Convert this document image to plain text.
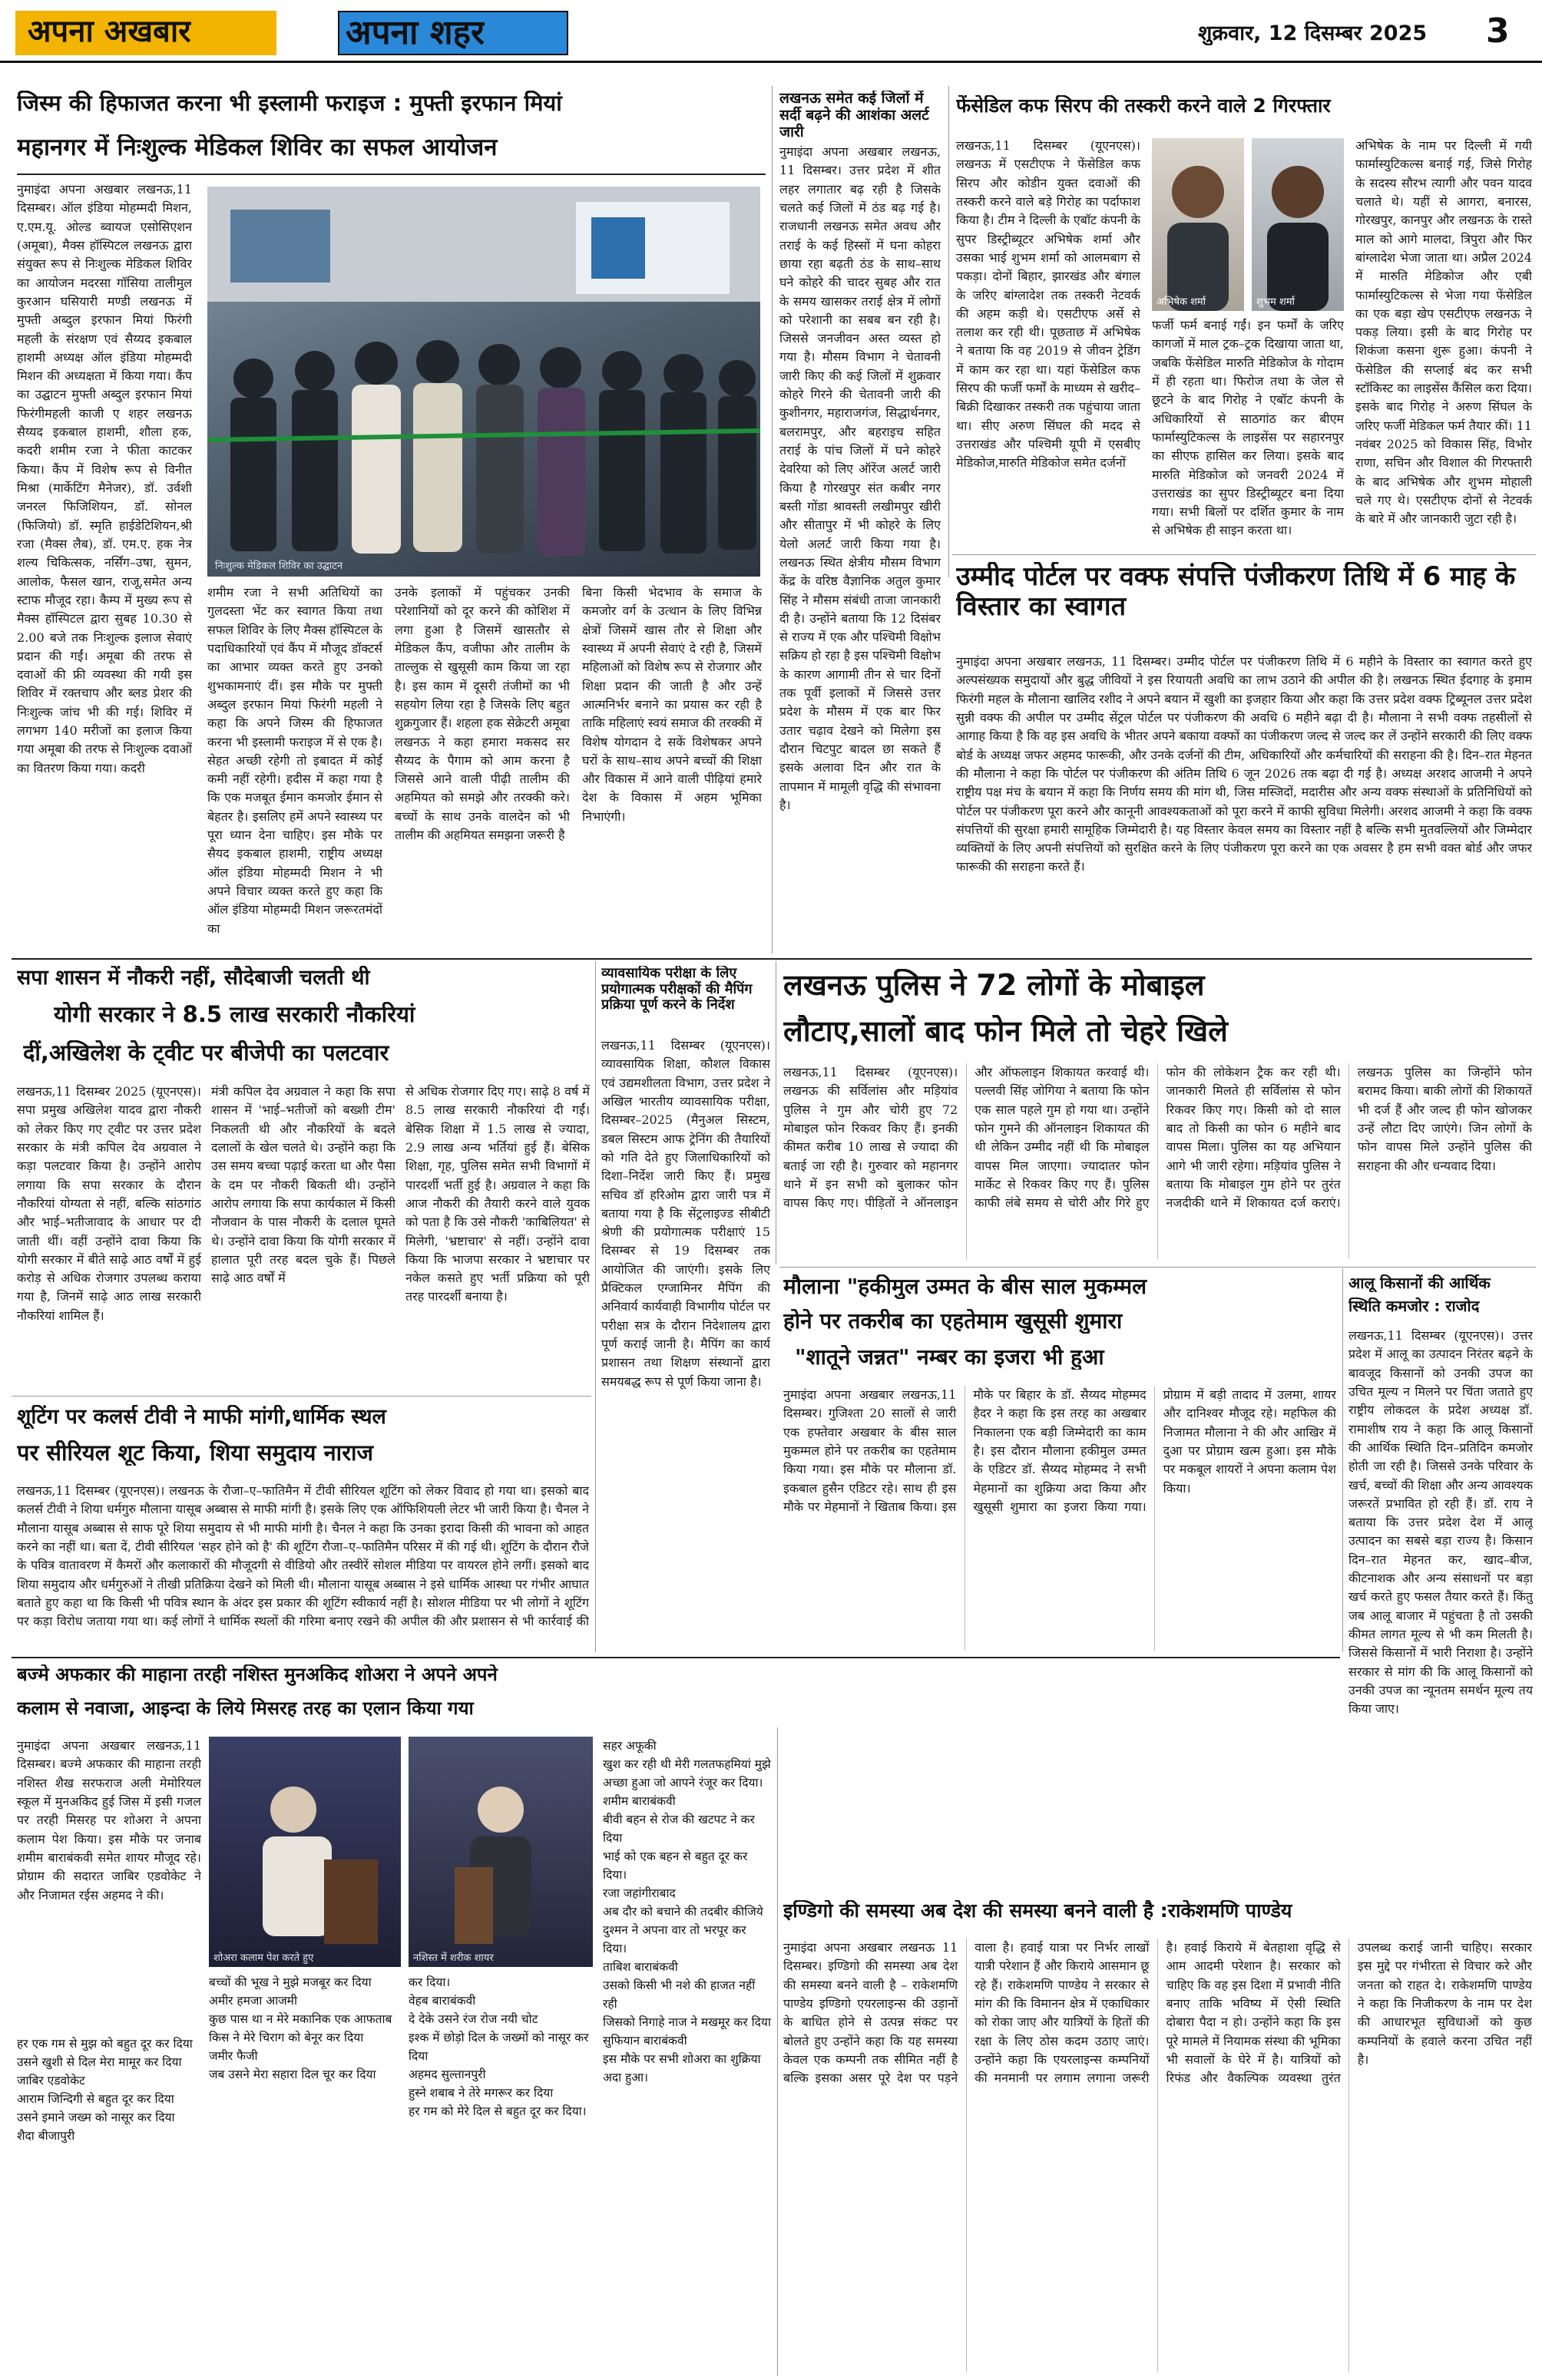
अपना अखबार	अपना शहर	शुक्रवार, 12 दिसम्बर 2025 3
जिस्म की हिफाजत करना भी इस्लामी फराइज : मुफ्ती इरफान मियां
महानगर में निःशुल्क मेडिकल शिविर का सफल आयोजन
नुमाइंदा अपना अखबार लखनऊ,11 दिसम्बर। ऑल इंडिया मोहम्मदी मिशन, ए.एम.यू. ओल्ड ब्वायज एसोसिएशन (अमूबा), मैक्स हॉस्पिटल लखनऊ द्वारा संयुक्त रूप से निःशुल्क मेडिकल शिविर का आयोजन मदरसा गॉसिया तालीमुल कुरआन घसियारी मण्डी लखनऊ में मुफ्ती अब्दुल इरफान मियां फिरंगी महली के संरक्षण एवं सैय्यद इकबाल हाशमी अध्यक्ष ऑल इंडिया मोहम्मदी मिशन की अध्यक्षता में किया गया। कैंप का उद्घाटन मुफ्ती अब्दुल इरफान मियां फिरंगीमहली काजी ए शहर लखनऊ सैय्यद इकबाल हाशमी, शौला हक, कदरी शमीम रजा ने फीता काटकर किया। कैंप में विशेष रूप से विनीत मिश्रा (मार्केटिंग मैनेजर), डॉ. उर्वशी जनरल फिजिशियन, डॉ. सोनल (फिजियो) डॉ. स्मृति हाईडेटिशियन,श्री रजा (मैक्स लैब), डॉ. एम.ए. हक नेत्र शल्य चिकित्सक, नर्सिंग–उषा, सुमन, आलोक, फैसल खान, राजू,समेत अन्य स्टाफ मौजूद रहा। कैम्प में मुख्य रूप से मैक्स हॉस्पिटल द्वारा सुबह 10.30 से 2.00 बजे तक निःशुल्क इलाज सेवाएं प्रदान की गईं। अमूबा की तरफ से दवाओं की फ्री व्यवस्था की गयी इस शिविर में रक्तचाप और ब्लड प्रेशर की निःशुल्क जांच भी की गई। शिविर में लगभग 140 मरीजों का इलाज किया गया अमूबा की तरफ से निःशुल्क दवाओं का वितरण किया गया। कदरी
निःशुल्क मेडिकल शिविर का उद्घाटन
शमीम रजा ने सभी अतिथियों का गुलदस्ता भेंट कर स्वागत किया तथा सफल शिविर के लिए मैक्स हॉस्पिटल के पदाधिकारियों एवं कैंप में मौजूद डॉक्टर्स का आभार व्यक्त करते हुए उनको शुभकामनाएं दीं। इस मौके पर मुफ्ती अब्दुल इरफान मियां फिरंगी महली ने कहा कि अपने जिस्म की हिफाजत करना भी इस्लामी फराइज में से एक है। सेहत अच्छी रहेगी तो इबादत में कोई कमी नहीं रहेगी। हदीस में कहा गया है कि एक मजबूत ईमान कमजोर ईमान से बेहतर है। इसलिए हमें अपने स्वास्थ्य पर पूरा ध्यान देना चाहिए। इस मौके पर सैयद इकबाल हाशमी, राष्ट्रीय अध्यक्ष ऑल इंडिया मोहम्मदी मिशन ने भी अपने विचार व्यक्त करते हुए कहा कि ऑल इंडिया मोहम्मदी मिशन जरूरतमंदों का
उनके इलाकों में पहुंचकर उनकी परेशानियों को दूर करने की कोशिश में लगा हुआ है जिसमें खासतौर से मेडिकल कैंप, वजीफा और तालीम के ताल्लुक से खुसूसी काम किया जा रहा है। इस काम में दूसरी तंजीमों का भी सहयोग लिया रहा है जिसके लिए बहुत शुक्रगुजार हैं। शहला हक सेक्रेटरी अमूबा लखनऊ ने कहा हमारा मकसद सर सैय्यद के पैगाम को आम करना है जिससे आने वाली पीढ़ी तालीम की अहमियत को समझे और तरक्की करे। बच्चों के साथ उनके वालदेन को भी तालीम की अहमियत समझना जरूरी है
बिना किसी भेदभाव के समाज के कमजोर वर्ग के उत्थान के लिए विभिन्न क्षेत्रों जिसमें खास तौर से शिक्षा और स्वास्थ्य में अपनी सेवाएं दे रही है, जिसमें महिलाओं को विशेष रूप से रोजगार और शिक्षा प्रदान की जाती है और उन्हें आत्मनिर्भर बनाने का प्रयास कर रही है ताकि महिलाएं स्वयं समाज की तरक्की में विशेष योगदान दे सकें विशेषकर अपने घरों के साथ–साथ अपने बच्चों की शिक्षा और विकास में आने वाली पीढ़ियां हमारे देश के विकास में अहम भूमिका निभाएंगी।
लखनऊ समेत कई जिलों में सर्दी बढ़ने की आशंका अलर्ट जारी
नुमाइंदा अपना अखबार लखनऊ, 11 दिसम्बर। उत्तर प्रदेश में शीत लहर लगातार बढ़ रही है जिसके चलते कई जिलों में ठंड बढ़ गई है। राजधानी लखनऊ समेत अवध और तराई के कई हिस्सों में घना कोहरा छाया रहा बढ़ती ठंड के साथ–साथ घने कोहरे की चादर सुबह और रात के समय खासकर तराई क्षेत्र में लोगों को परेशानी का सबब बन रही है। जिससे जनजीवन अस्त व्यस्त हो गया है। मौसम विभाग ने चेतावनी जारी किए की कई जिलों में शुक्रवार कोहरे गिरने की चेतावनी जारी की कुशीनगर, महाराजगंज, सिद्धार्थनगर, बलरामपुर, और बहराइच सहित तराई के पांच जिलों में घने कोहरे देवरिया को लिए ऑरेंज अलर्ट जारी किया है गोरखपुर संत कबीर नगर बस्ती गोंडा श्रावस्ती लखीमपुर खीरी और सीतापुर में भी कोहरे के लिए येलो अलर्ट जारी किया गया है। लखनऊ स्थित क्षेत्रीय मौसम विभाग केंद्र के वरिष्ठ वैज्ञानिक अतुल कुमार सिंह ने मौसम संबंधी ताजा जानकारी दी है। उन्होंने बताया कि 12 दिसंबर से राज्य में एक और पश्चिमी विक्षोभ सक्रिय हो रहा है इस पश्चिमी विक्षोभ के कारण आगामी तीन से चार दिनों तक पूर्वी इलाकों में जिससे उत्तर प्रदेश के मौसम में एक बार फिर उतार चढ़ाव देखने को मिलेगा इस दौरान चिटपुट बादल छा सकते हैं इसके अलावा दिन और रात के तापमान में मामूली वृद्धि की संभावना है।
फेंसेडिल कफ सिरप की तस्करी करने वाले 2 गिरफ्तार
लखनऊ,11 दिसम्बर (यूएनएस)। लखनऊ में एसटीएफ ने फेंसेडिल कफ सिरप और कोडीन युक्त दवाओं की तस्करी करने वाले बड़े गिरोह का पर्दाफाश किया है। टीम ने दिल्ली के एबॉट कंपनी के सुपर डिस्ट्रीब्यूटर अभिषेक शर्मा और उसका भाई शुभम शर्मा को आलमबाग से पकड़ा। दोनों बिहार, झारखंड और बंगाल के जरिए बांग्लादेश तक तस्करी नेटवर्क की अहम कड़ी थे। एसटीएफ अर्से से तलाश कर रही थी। पूछताछ में अभिषेक ने बताया कि वह 2019 से जीवन ट्रेडिंग में काम कर रहा था। यहां फेंसेडिल कफ सिरप की फर्जी फर्मों के माध्यम से खरीद–बिक्री दिखाकर तस्करी तक पहुंचाया जाता था। सीए अरुण सिंघल की मदद से उत्तराखंड और पश्चिमी यूपी में एसबीए मेडिकोज,मारुति मेडिकोज समेत दर्जनों
अभिषेक शर्मा	शुभम शर्मा
फर्जी फर्म बनाई गईं। इन फर्मों के जरिए कागजों में माल ट्रक–ट्रक दिखाया जाता था, जबकि फेंसेडिल मारुति मेडिकोज के गोदाम में ही रहता था। फिरोज तथा के जेल से छूटने के बाद गिरोह ने एबॉट कंपनी के अधिकारियों से साठगांठ कर बीएम फार्मास्युटिकल्स के लाइसेंस पर सहारनपुर का सीएफ हासिल कर लिया। इसके बाद मारुति मेडिकोज को जनवरी 2024 में उत्तराखंड का सुपर डिस्ट्रीब्यूटर बना दिया गया। सभी बिलों पर दर्शित कुमार के नाम से अभिषेक ही साइन करता था।
अभिषेक के नाम पर दिल्ली में गयी फार्मास्युटिकल्स बनाई गई, जिसे गिरोह के सदस्य सौरभ त्यागी और पवन यादव चलाते थे। यहीं से आगरा, बनारस, गोरखपुर, कानपुर और लखनऊ के रास्ते माल को आगे मालदा, त्रिपुरा और फिर बांग्लादेश भेजा जाता था। अप्रैल 2024 में मारुति मेडिकोज और एबी फार्मास्युटिकल्स से भेजा गया फेंसेडिल का एक बड़ा खेप एसटीएफ लखनऊ ने पकड़ लिया। इसी के बाद गिरोह पर शिकंजा कसना शुरू हुआ। कंपनी ने फेंसेडिल की सप्लाई बंद कर सभी स्टॉकिस्ट का लाइसेंस कैंसिल करा दिया। इसके बाद गिरोह ने अरुण सिंघल के जरिए फर्जी मेडिकल फर्म तैयार कीं। 11 नवंबर 2025 को विकास सिंह, विभोर राणा, सचिन और विशाल की गिरफ्तारी के बाद अभिषेक और शुभम मोहाली चले गए थे। एसटीएफ दोनों से नेटवर्क के बारे में और जानकारी जुटा रही है।
उम्मीद पोर्टल पर वक्फ संपत्ति पंजीकरण तिथि में 6 माह के विस्तार का स्वागत
नुमाइंदा अपना अखबार लखनऊ, 11 दिसम्बर। उम्मीद पोर्टल पर पंजीकरण तिथि में 6 महीने के विस्तार का स्वागत करते हुए अल्पसंख्यक समुदायों और बुद्ध जीवियों ने इस रियायती अवधि का लाभ उठाने की अपील की है। लखनऊ स्थित ईदगाह के इमाम फिरंगी महल के मौलाना खालिद रशीद ने अपने बयान में खुशी का इजहार किया और कहा कि उत्तर प्रदेश वक्फ ट्रिब्यूनल उत्तर प्रदेश सुन्नी वक्फ की अपील पर उम्मीद सेंट्रल पोर्टल पर पंजीकरण की अवधि 6 महीने बढ़ा दी है। मौलाना ने सभी वक्फ तहसीलों से आगाह किया है कि वह इस अवधि के भीतर अपने बकाया वक्फों का पंजीकरण जल्द से जल्द कर लें उन्होंने सरकारी की लिए वक्फ बोर्ड के अध्यक्ष जफर अहमद फारूकी, और उनके दर्जनों की टीम, अधिकारियों और कर्मचारियों की सराहना की है। दिन–रात मेहनत की मौलाना ने कहा कि पोर्टल पर पंजीकरण की अंतिम तिथि 6 जून 2026 तक बढ़ा दी गई है। अध्यक्ष अरशद आजमी ने अपने राष्ट्रीय पक्ष मंच के बयान में कहा कि निर्णय समय की मांग थी, जिस मस्जिदों, मदारीस और अन्य वक्फ संस्थाओं के प्रतिनिधियों को पोर्टल पर पंजीकरण पूरा करने और कानूनी आवश्यकताओं को पूरा करने में काफी सुविधा मिलेगी। अरशद आजमी ने कहा कि वक्फ संपत्तियों की सुरक्षा हमारी सामूहिक जिम्मेदारी है। यह विस्तार केवल समय का विस्तार नहीं है बल्कि सभी मुतवल्लियों और जिम्मेदार व्यक्तियों के लिए अपनी संपत्तियों को सुरक्षित करने के लिए पंजीकरण पूरा करने का एक अवसर है हम सभी वक्त बोर्ड और जफर फारूकी की सराहना करते हैं।
सपा शासन में नौकरी नहीं, सौदेबाजी चलती थी
योगी सरकार ने 8.5 लाख सरकारी नौकरियां
दीं,अखिलेश के ट्वीट पर बीजेपी का पलटवार
लखनऊ,11 दिसम्बर 2025 (यूएनएस)। सपा प्रमुख अखिलेश यादव द्वारा नौकरी को लेकर किए गए ट्वीट पर उत्तर प्रदेश सरकार के मंत्री कपिल देव अग्रवाल ने कड़ा पलटवार किया है। उन्होंने आरोप लगाया कि सपा सरकार के दौरान नौकरियां योग्यता से नहीं, बल्कि सांठगांठ और भाई–भतीजावाद के आधार पर दी जाती थीं। वहीं उन्होंने दावा किया कि योगी सरकार में बीते साढ़े आठ वर्षों में हुई करोड़ से अधिक रोजगार उपलब्ध कराया गया है, जिनमें साढ़े आठ लाख सरकारी नौकरियां शामिल हैं।
मंत्री कपिल देव अग्रवाल ने कहा कि सपा शासन में 'भाई–भतीजों को बख्शी टीम' निकलती थी और नौकरियों के बदले दलालों के खेल चलते थे। उन्होंने कहा कि उस समय बच्चा पढ़ाई करता था और पैसा के दम पर नौकरी बिकती थी। उन्होंने आरोप लगाया कि सपा कार्यकाल में किसी नौजवान के पास नौकरी के दलाल घूमते थे। उन्होंने दावा किया कि योगी सरकार में हालात पूरी तरह बदल चुके हैं। पिछले साढ़े आठ वर्षों में
से अधिक रोजगार दिए गए। साढ़े 8 वर्ष में 8.5 लाख सरकारी नौकरियां दी गईं। बेसिक शिक्षा में 1.5 लाख से ज्यादा, 2.9 लाख अन्य भर्तियां हुई हैं। बेसिक शिक्षा, गृह, पुलिस समेत सभी विभागों में पारदर्शी भर्ती हुई है। अग्रवाल ने कहा कि आज नौकरी की तैयारी करने वाले युवक को पता है कि उसे नौकरी 'काबिलियत' से मिलेगी, 'भ्रष्टाचार' से नहीं। उन्होंने दावा किया कि भाजपा सरकार ने भ्रष्टाचार पर नकेल कसते हुए भर्ती प्रक्रिया को पूरी तरह पारदर्शी बनाया है।
व्यावसायिक परीक्षा के लिए प्रयोगात्मक परीक्षकों की मैपिंग प्रक्रिया पूर्ण करने के निर्देश
लखनऊ,11 दिसम्बर (यूएनएस)। व्यावसायिक शिक्षा, कौशल विकास एवं उद्यमशीलता विभाग, उत्तर प्रदेश ने अखिल भारतीय व्यावसायिक परीक्षा, दिसम्बर–2025 (मैनुअल सिस्टम, डबल सिस्टम आफ ट्रेनिंग की तैयारियों को गति देते हुए जिलाधिकारियों को दिशा–निर्देश जारी किए हैं। प्रमुख सचिव डॉ हरिओम द्वारा जारी पत्र में बताया गया है कि सेंट्रलाइज्ड सीबीटी श्रेणी की प्रयोगात्मक परीक्षाएं 15 दिसम्बर से 19 दिसम्बर तक आयोजित की जाएंगी। इसके लिए प्रैक्टिकल एग्जामिनर मैपिंग की अनिवार्य कार्यवाही विभागीय पोर्टल पर परीक्षा सत्र के दौरान निदेशालय द्वारा पूर्ण कराई जानी है। मैपिंग का कार्य प्रशासन तथा शिक्षण संस्थानों द्वारा समयबद्ध रूप से पूर्ण किया जाना है।
लखनऊ पुलिस ने 72 लोगों के मोबाइल
लौटाए,सालों बाद फोन मिले तो चेहरे खिले
लखनऊ,11 दिसम्बर (यूएनएस)। लखनऊ की सर्विलांस और मड़ियांव पुलिस ने गुम और चोरी हुए 72 मोबाइल फोन रिकवर किए हैं। इनकी कीमत करीब 10 लाख से ज्यादा की बताई जा रही है। गुरुवार को महानगर थाने में इन सभी को बुलाकर फोन वापस किए गए। पीड़ितों ने ऑनलाइन और ऑफलाइन शिकायत करवाई थी। पल्लवी सिंह जोगिया ने बताया कि फोन एक साल पहले गुम हो गया था। उन्होंने फोन गुमने की ऑनलाइन शिकायत की थी लेकिन उम्मीद नहीं थी कि मोबाइल वापस मिल जाएगा। ज्यादातर फोन मार्केट से रिकवर किए गए हैं। पुलिस काफी लंबे समय से चोरी और गिरे हुए फोन की लोकेशन ट्रैक कर रही थी। जानकारी मिलते ही सर्विलांस से फोन रिकवर किए गए। किसी को दो साल बाद तो किसी का फोन 6 महीने बाद वापस मिला। पुलिस का यह अभियान आगे भी जारी रहेगा। मड़ियांव पुलिस ने बताया कि मोबाइल गुम होने पर तुरंत नजदीकी थाने में शिकायत दर्ज कराएं। लखनऊ पुलिस का जिन्होंने फोन बरामद किया। बाकी लोगों की शिकायतें भी दर्ज हैं और जल्द ही फोन खोजकर उन्हें लौटा दिए जाएंगे। जिन लोगों के फोन वापस मिले उन्होंने पुलिस की सराहना की और धन्यवाद दिया।
शूटिंग पर कलर्स टीवी ने माफी मांगी,धार्मिक स्थल
पर सीरियल शूट किया, शिया समुदाय नाराज
लखनऊ,11 दिसम्बर (यूएनएस)। लखनऊ के रौजा–ए–फातिमैन में टीवी सीरियल शूटिंग को लेकर विवाद हो गया था। इसको बाद कलर्स टीवी ने शिया धर्मगुरु मौलाना यासूब अब्बास से माफी मांगी है। इसके लिए एक ऑफिशियली लेटर भी जारी किया है। चैनल ने मौलाना यासूब अब्बास से साफ पूरे शिया समुदाय से भी माफी मांगी है। चैनल ने कहा कि उनका इरादा किसी की भावना को आहत करने का नहीं था। बता दें, टीवी सीरियल 'सहर होने को है' की शूटिंग रौजा–ए–फातिमैन परिसर में की गई थी। शूटिंग के दौरान रौजे के पवित्र वातावरण में कैमरों और कलाकारों की मौजूदगी से वीडियो और तस्वीरें सोशल मीडिया पर वायरल होने लगीं। इसको बाद शिया समुदाय और धर्मगुरुओं ने तीखी प्रतिक्रिया देखने को मिली थी। मौलाना यासूब अब्बास ने इसे धार्मिक आस्था पर गंभीर आघात बताते हुए कहा था कि किसी भी पवित्र स्थान के अंदर इस प्रकार की शूटिंग स्वीकार्य नहीं है। सोशल मीडिया पर भी लोगों ने शूटिंग पर कड़ा विरोध जताया गया था। कई लोगों ने धार्मिक स्थलों की गरिमा बनाए रखने की अपील की और प्रशासन से भी कार्रवाई की
मौलाना "हकीमुल उम्मत के बीस साल मुकम्मल
होने पर तकरीब का एहतेमाम खुसूसी शुमारा
"शातूने जन्नत" नम्बर का इजरा भी हुआ
नुमाइंदा अपना अखबार लखनऊ,11 दिसम्बर। गुजिश्ता 20 सालों से जारी एक हफ्तेवार अखबार के बीस साल मुकम्मल होने पर तकरीब का एहतेमाम किया गया। इस मौके पर मौलाना डॉ. इकबाल हुसैन एडिटर रहे। साथ ही इस मौके पर मेहमानों ने खिताब किया। इस मौके पर बिहार के डॉ. सैय्यद मोहम्मद हैदर ने कहा कि इस तरह का अखबार निकालना एक बड़ी जिम्मेदारी का काम है। इस दौरान मौलाना हकीमुल उम्मत के एडिटर डॉ. सैय्यद मोहम्मद ने सभी मेहमानों का शुक्रिया अदा किया और खुसूसी शुमारा का इजरा किया गया। प्रोग्राम में बड़ी तादाद में उलमा, शायर और दानिश्वर मौजूद रहे। महफिल की निजामत मौलाना ने की और आखिर में दुआ पर प्रोग्राम खत्म हुआ। इस मौके पर मकबूल शायरों ने अपना कलाम पेश किया।
आलू किसानों की आर्थिक
स्थिति कमजोर : राजोद
लखनऊ,11 दिसम्बर (यूएनएस)। उत्तर प्रदेश में आलू का उत्पादन निरंतर बढ़ने के बावजूद किसानों को उनकी उपज का उचित मूल्य न मिलने पर चिंता जताते हुए राष्ट्रीय लोकदल के प्रदेश अध्यक्ष डॉ. रामाशीष राय ने कहा कि आलू किसानों की आर्थिक स्थिति दिन–प्रतिदिन कमजोर होती जा रही है। जिससे उनके परिवार के खर्च, बच्चों की शिक्षा और अन्य आवश्यक जरूरतें प्रभावित हो रही हैं। डॉ. राय ने बताया कि उत्तर प्रदेश देश में आलू उत्पादन का सबसे बड़ा राज्य है। किसान दिन–रात मेहनत कर, खाद–बीज, कीटनाशक और अन्य संसाधनों पर बड़ा खर्च करते हुए फसल तैयार करते हैं। किंतु जब आलू बाजार में पहुंचता है तो उसकी कीमत लागत मूल्य से भी कम मिलती है। जिससे किसानों में भारी निराशा है। उन्होंने सरकार से मांग की कि आलू किसानों को उनकी उपज का न्यूनतम समर्थन मूल्य तय किया जाए।
बज्मे अफकार की माहाना तरही नशिस्त मुनअकिद शोअरा ने अपने अपने
कलाम से नवाजा, आइन्दा के लिये मिसरह तरह का एलान किया गया
नुमाइंदा अपना अखबार लखनऊ,11 दिसम्बर। बज्मे अफकार की माहाना तरही नशिस्त शैख सरफराज अली मेमोरियल स्कूल में मुनअकिद हुई जिस में इसी गजल पर तरही मिसरह पर शोअरा ने अपना कलाम पेश किया। इस मौके पर जनाब शमीम बाराबंकवी समेत शायर मौजूद रहे। प्रोग्राम की सदारत जाबिर एडवोकेट ने और निजामत रईस अहमद ने की।
हर एक गम से मुझ को बहुत दूर कर दिया
उसने खुशी से दिल मेरा मामूर कर दिया
जाबिर एडवोकेट
आराम जिन्दिगी से बहुत दूर कर दिया
उसने इमाने जख्म को नासूर कर दिया
शैदा बीजापुरी
शोअरा कलाम पेश करते हुए	नशिस्त में शरीक शायर
बच्चों की भूख ने मुझे मजबूर कर दिया
अमीर हमजा आजमी
कुछ पास था न मेरे मकानिक एक आफताब
किस ने मेरे चिराग को बेनूर कर दिया
जमीर फैजी
जब उसने मेरा सहारा दिल चूर कर दिया
कर दिया।
वेहब बाराबंकवी
दे देके उसने रंज रोज नयी चोट
इश्क में छोड़ो दिल के जख्मों को नासूर कर दिया
अहमद सुल्तानपुरी
हुस्ने शबाब ने तेरे मगरूर कर दिया
हर गम को मेरे दिल से बहुत दूर कर दिया।
सहर अफूकी
खुश कर रही थी मेरी गलतफहमियां मुझे
अच्छा हुआ जो आपने रंजूर कर दिया।
शमीम बाराबंकवी
बीवी बहन से रोज की खटपट ने कर दिया
भाई को एक बहन से बहुत दूर कर दिया।
रजा जहांगीराबाद
अब दौर को बचाने की तदबीर कीजिये
दुश्मन ने अपना वार तो भरपूर कर दिया।
ताबिश बाराबंकवी
उसको किसी भी नशे की हाजत नहीं रही
जिसको निगाहे नाज ने मखमूर कर दिया
सुफियान बाराबंकवी
इस मौके पर सभी शोअरा का शुक्रिया अदा हुआ।
इण्डिगो की समस्या अब देश की समस्या बनने वाली है :राकेशमणि पाण्डेय
नुमाइंदा अपना अखबार लखनऊ 11 दिसम्बर। इण्डिगो की समस्या अब देश की समस्या बनने वाली है – राकेशमणि पाण्डेय इण्डिगो एयरलाइन्स की उड़ानों के बाधित होने से उत्पन्न संकट पर बोलते हुए उन्होंने कहा कि यह समस्या केवल एक कम्पनी तक सीमित नहीं है बल्कि इसका असर पूरे देश पर पड़ने वाला है। हवाई यात्रा पर निर्भर लाखों यात्री परेशान हैं और किराये आसमान छू रहे हैं। राकेशमणि पाण्डेय ने सरकार से मांग की कि विमानन क्षेत्र में एकाधिकार को रोका जाए और यात्रियों के हितों की रक्षा के लिए ठोस कदम उठाए जाएं। उन्होंने कहा कि एयरलाइन्स कम्पनियों की मनमानी पर लगाम लगाना जरूरी है। हवाई किराये में बेतहाशा वृद्धि से आम आदमी परेशान है। सरकार को चाहिए कि वह इस दिशा में प्रभावी नीति बनाए ताकि भविष्य में ऐसी स्थिति दोबारा पैदा न हो। उन्होंने कहा कि इस पूरे मामले में नियामक संस्था की भूमिका भी सवालों के घेरे में है। यात्रियों को रिफंड और वैकल्पिक व्यवस्था तुरंत उपलब्ध कराई जानी चाहिए। सरकार इस मुद्दे पर गंभीरता से विचार करे और जनता को राहत दे। राकेशमणि पाण्डेय ने कहा कि निजीकरण के नाम पर देश की आधारभूत सुविधाओं को कुछ कम्पनियों के हवाले करना उचित नहीं है।
